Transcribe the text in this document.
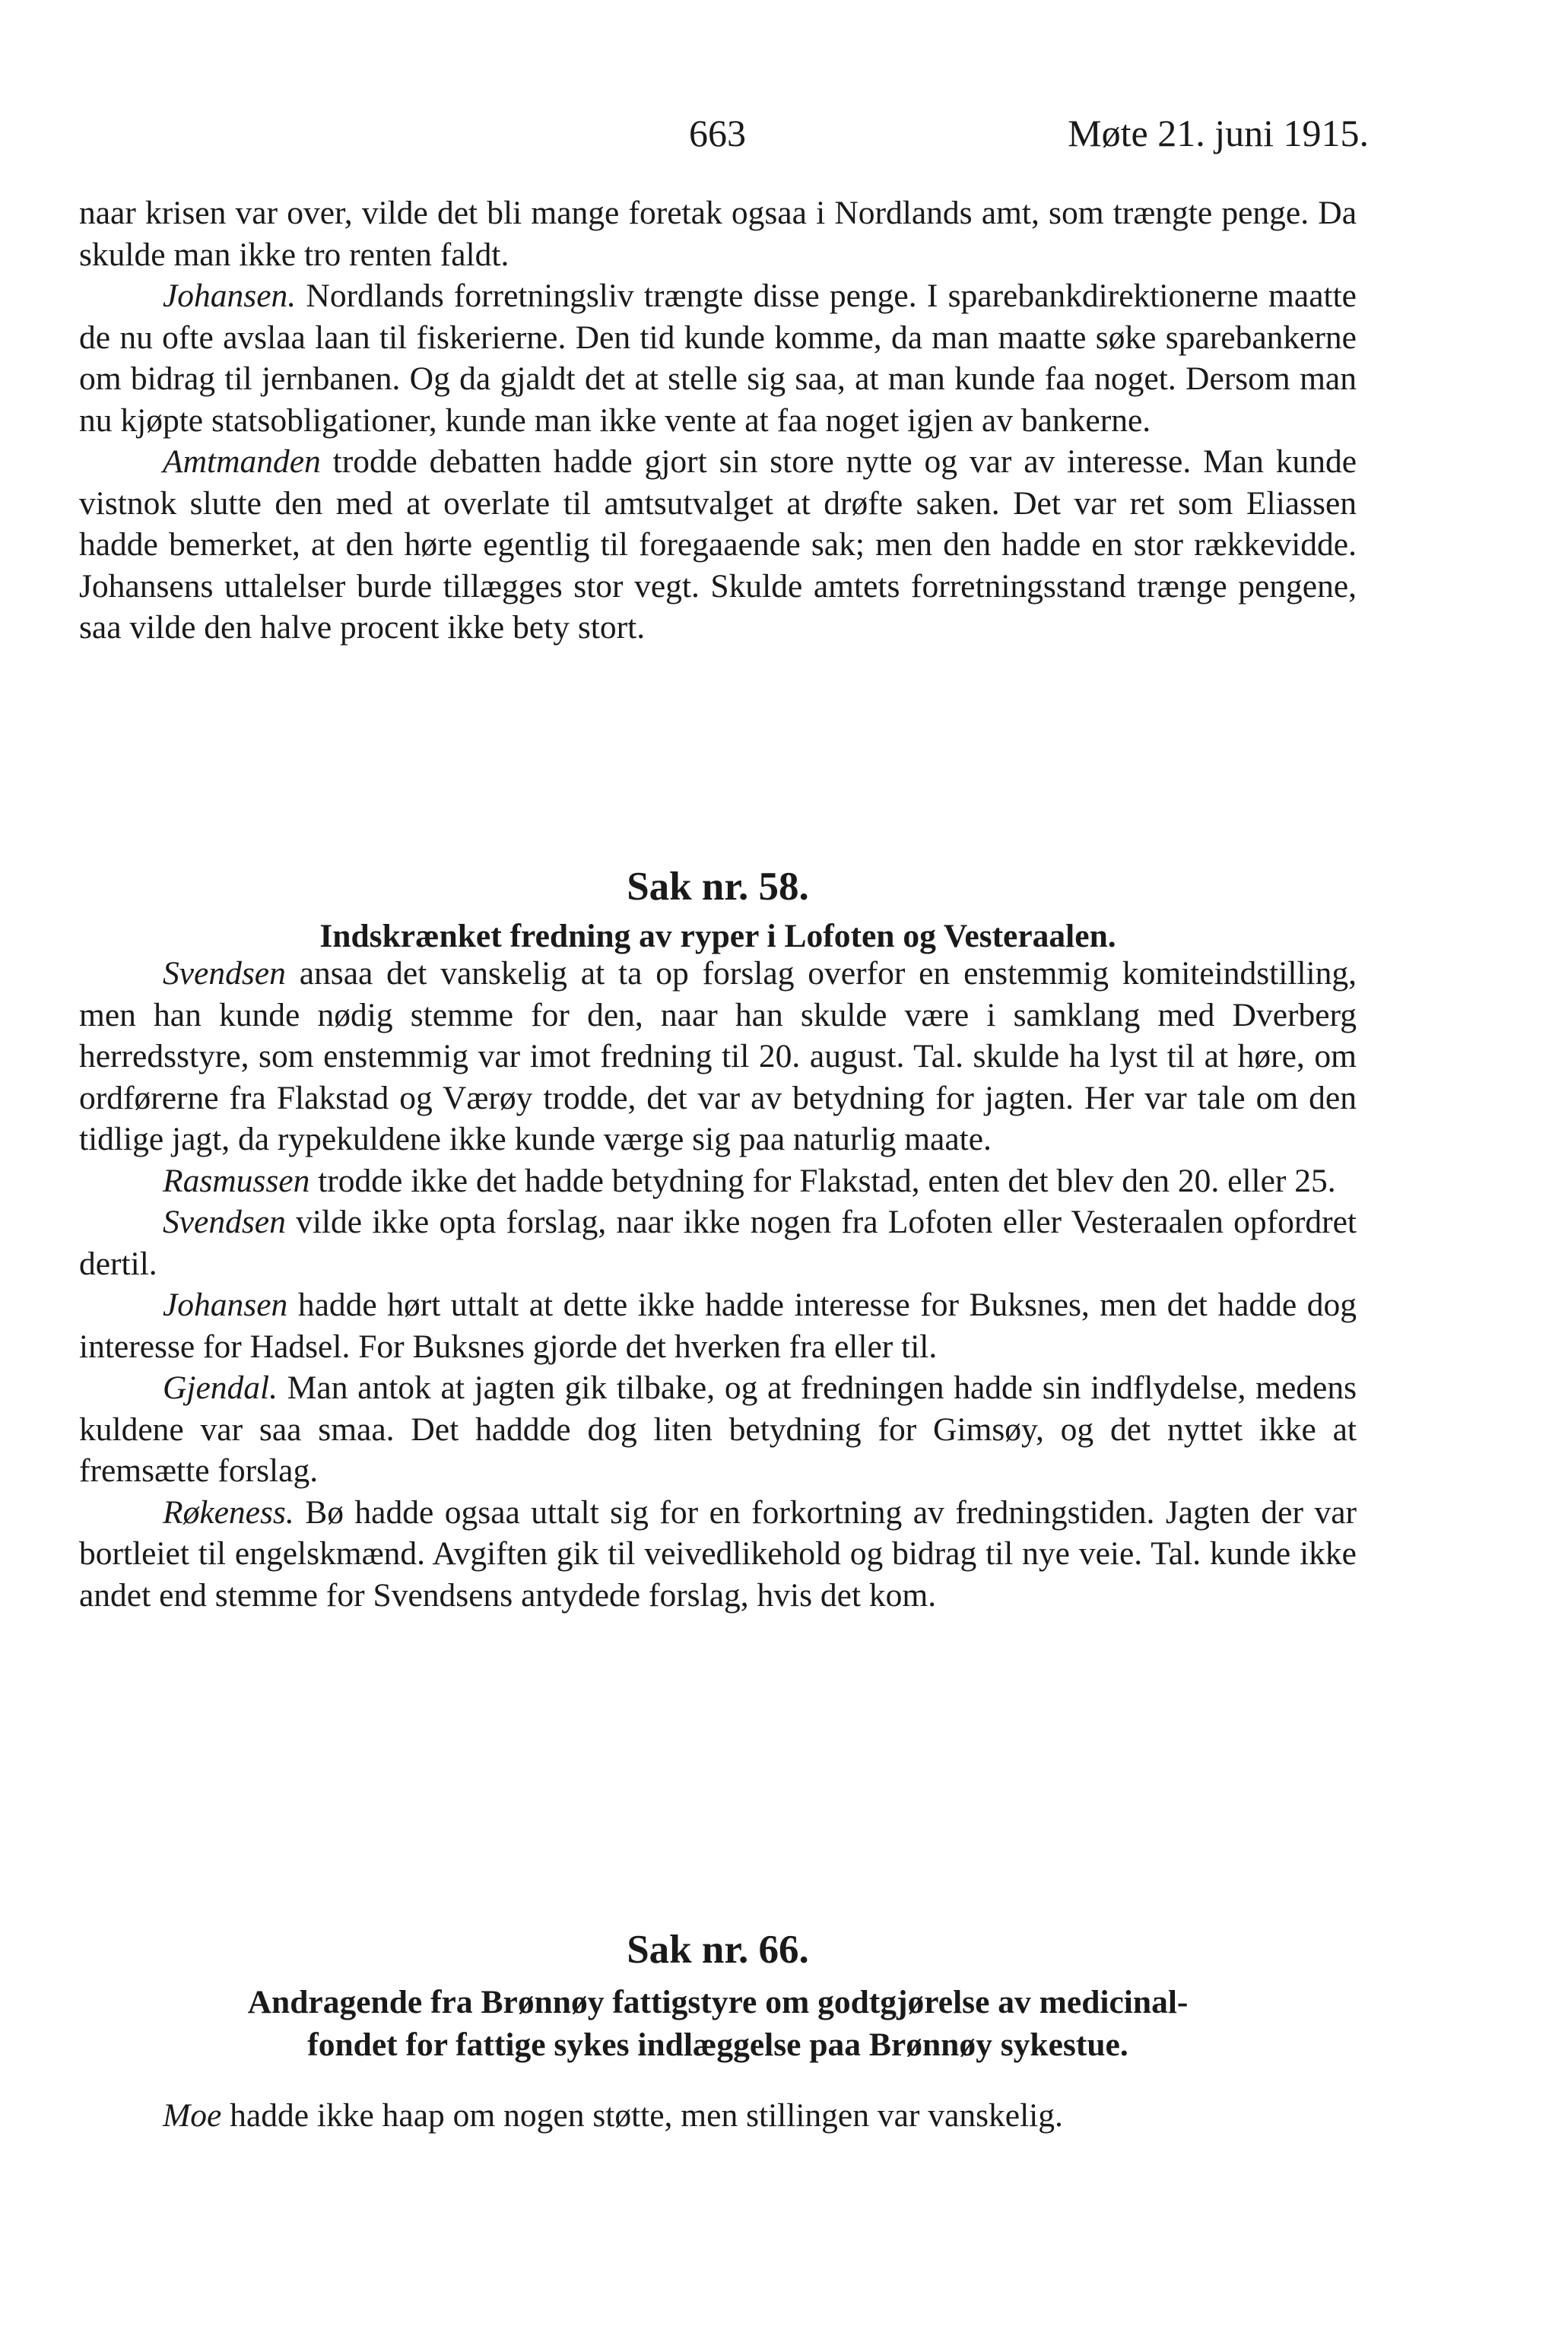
663	Møte 21. juni 1915.

naar krisen var over, vilde det bli mange foretak ogsaa i Nordlands amt, som trængte penge. Da skulde man ikke tro renten faldt.

Johansen. Nordlands forretningsliv trængte disse penge. I sparebankdirektionerne maatte de nu ofte avslaa laan til fiskerierne. Den tid kunde komme, da man maatte søke sparebankerne om bidrag til jernbanen. Og da gjaldt det at stelle sig saa, at man kunde faa noget. Dersom man nu kjøpte statsobligationer, kunde man ikke vente at faa noget igjen av bankerne.

Amtmanden trodde debatten hadde gjort sin store nytte og var av interesse. Man kunde vistnok slutte den med at overlate til amtsutvalget at drøfte saken. Det var ret som Eliassen hadde bemerket, at den hørte egentlig til foregaaende sak; men den hadde en stor rækkevidde. Johansens uttalelser burde tillægges stor vegt. Skulde amtets forretningsstand trænge pengene, saa vilde den halve procent ikke bety stort.

Sak nr. 58.
Indskrænket fredning av ryper i Lofoten og Vesteraalen.

Svendsen ansaa det vanskelig at ta op forslag overfor en enstemmig komiteindstilling, men han kunde nødig stemme for den, naar han skulde være i samklang med Dverberg herredsstyre, som enstemmig var imot fredning til 20. august. Tal. skulde ha lyst til at høre, om ordførerne fra Flakstad og Værøy trodde, det var av betydning for jagten. Her var tale om den tidlige jagt, da rypekuldene ikke kunde værge sig paa naturlig maate.

Rasmussen trodde ikke det hadde betydning for Flakstad, enten det blev den 20. eller 25.

Svendsen vilde ikke opta forslag, naar ikke nogen fra Lofoten eller Vesteraalen opfordret dertil.

Johansen hadde hørt uttalt at dette ikke hadde interesse for Buksnes, men det hadde dog interesse for Hadsel. For Buksnes gjorde det hverken fra eller til.

Gjendal. Man antok at jagten gik tilbake, og at fredningen hadde sin indflydelse, medens kuldene var saa smaa. Det haddde dog liten betydning for Gimsøy, og det nyttet ikke at fremsætte forslag.

Røkeness. Bø hadde ogsaa uttalt sig for en forkortning av fredningstiden. Jagten der var bortleiet til engelskmænd. Avgiften gik til veivedlikehold og bidrag til nye veie. Tal. kunde ikke andet end stemme for Svendsens antydede forslag, hvis det kom.

Sak nr. 66.
Andragende fra Brønnøy fattigstyre om godtgjørelse av medicinal-
fondet for fattige sykes indlæggelse paa Brønnøy sykestue.

Moe hadde ikke haap om nogen støtte, men stillingen var vanskelig.
